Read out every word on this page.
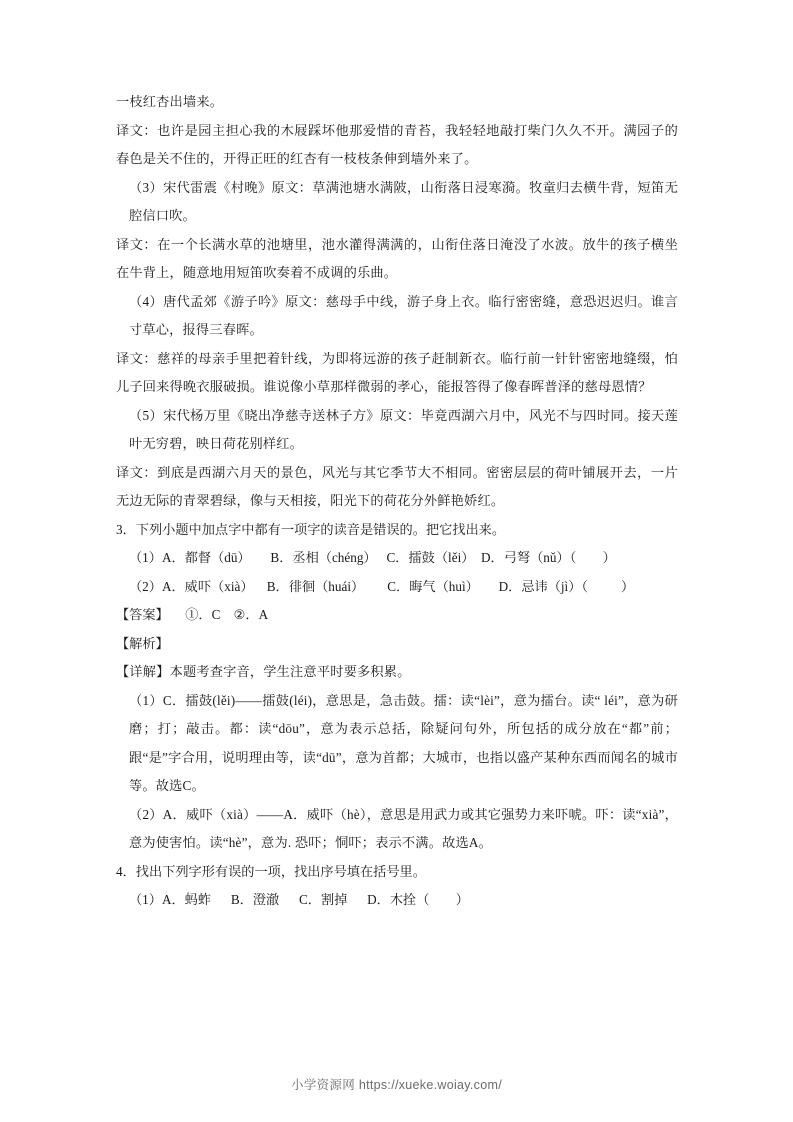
一枝红杏出墙来。
译文：也许是园主担心我的木屐踩坏他那爱惜的青苔，我轻轻地敲打柴门久久不开。满园子的春色是关不住的，开得正旺的红杏有一枝枝条伸到墙外来了。
（3）宋代雷震《村晚》原文：草满池塘水满陂，山衔落日浸寒漪。牧童归去横牛背，短笛无腔信口吹。
译文：在一个长满水草的池塘里，池水灌得满满的，山衔住落日淹没了水波。放牛的孩子横坐在牛背上，随意地用短笛吹奏着不成调的乐曲。
（4）唐代孟郊《游子吟》原文：慈母手中线，游子身上衣。临行密密缝，意恐迟迟归。谁言寸草心，报得三春晖。
译文：慈祥的母亲手里把着针线，为即将远游的孩子赶制新衣。临行前一针针密密地缝缀，怕儿子回来得晚衣服破损。谁说像小草那样微弱的孝心，能报答得了像春晖普泽的慈母恩情？
（5）宋代杨万里《晓出净慈寺送林子方》原文：毕竟西湖六月中，风光不与四时同。接天莲叶无穷碧，映日荷花别样红。
译文：到底是西湖六月天的景色，风光与其它季节大不相同。密密层层的荷叶铺展开去，一片无边无际的青翠碧绿，像与天相接，阳光下的荷花分外鲜艳娇红。
3．下列小题中加点字中都有一项字的读音是错误的。把它找出来。
（1）A．都督（dū）      B．丞相（chéng）   C．擂鼓（lěi）  D．弓弩（nǔ）（        ）
（2）A．威吓（xià）    B．徘徊（huái）       C．晦气（huì）      D．忌讳（jì）（          ）
【答案】 ①．C    ②．A
【解析】
【详解】本题考查字音，学生注意平时要多积累。
（1）C．擂鼓(lěi)——擂鼓(léi)，意思是，急击鼓。擂：读“lèi”，意为擂台。读“ léi”，意为研磨；打；敲击。都：读“dōu”，意为表示总括，除疑问句外，所包括的成分放在“都”前；跟“是”字合用，说明理由等，读“dū”，意为首都；大城市，也指以盛产某种东西而闻名的城市等。故选C。
（2）A．威吓（xià）——A．威吓（hè），意思是用武力或其它强势力来吓唬。吓：读“xià”，意为使害怕。读“hè”，意为. 恐吓；恫吓；表示不满。故选A。
4．找出下列字形有误的一项，找出序号填在括号里。
（1）A．蚂蚱      B．澄澈      C．割掉      D．木拴（        ）
小学资源网 https://xueke.woiay.com/
